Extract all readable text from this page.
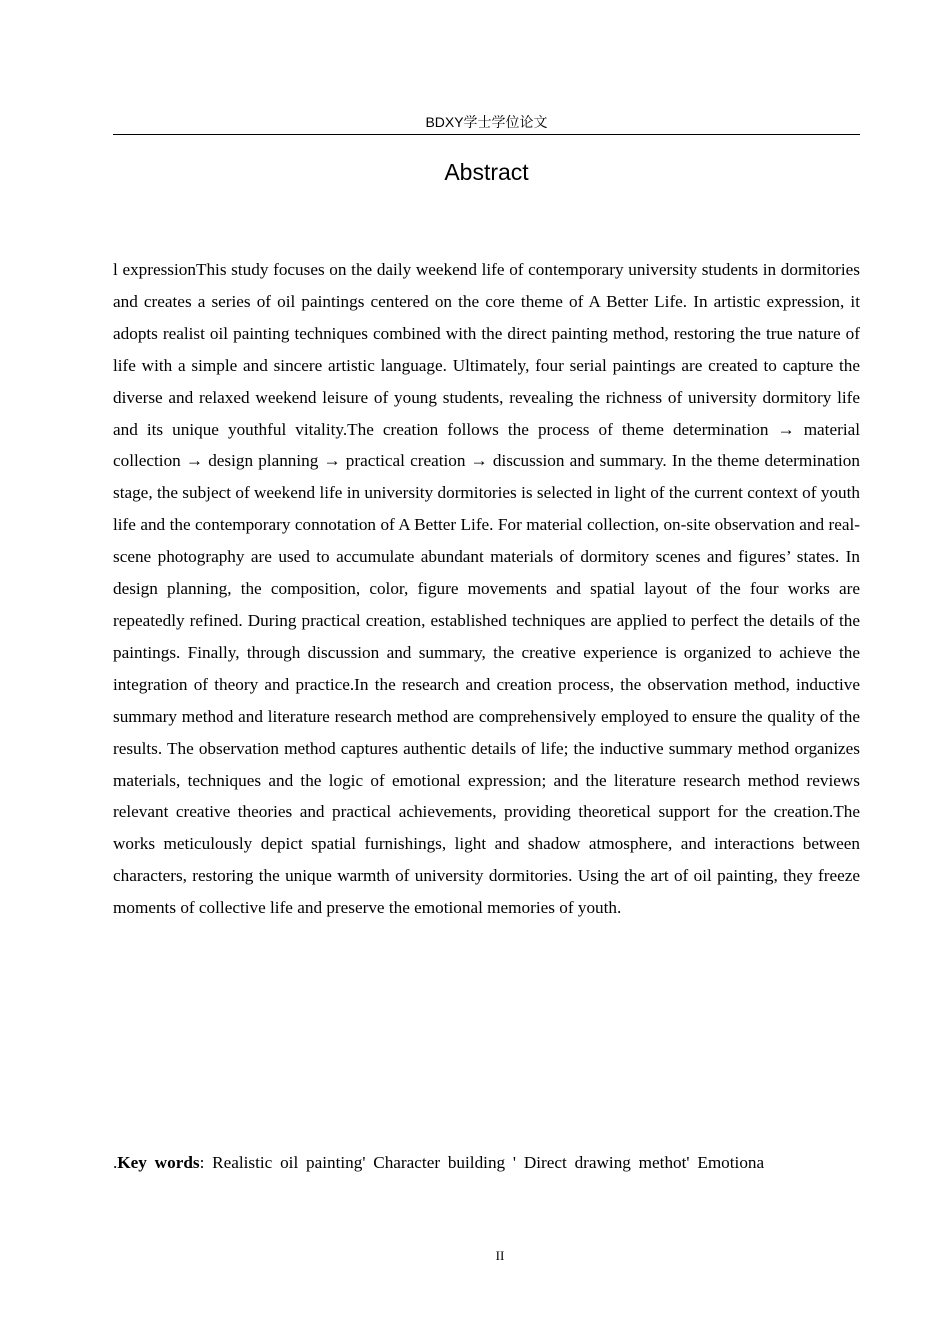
BDXY学士学位论文
Abstract
l expressionThis study focuses on the daily weekend life of contemporary university students in dormitories and creates a series of oil paintings centered on the core theme of A Better Life. In artistic expression, it adopts realist oil painting techniques combined with the direct painting method, restoring the true nature of life with a simple and sincere artistic language. Ultimately, four serial paintings are created to capture the diverse and relaxed weekend leisure of young students, revealing the richness of university dormitory life and its unique youthful vitality.The creation follows the process of theme determination → material collection → design planning → practical creation → discussion and summary. In the theme determination stage, the subject of weekend life in university dormitories is selected in light of the current context of youth life and the contemporary connotation of A Better Life. For material collection, on-site observation and real-scene photography are used to accumulate abundant materials of dormitory scenes and figures’ states. In design planning, the composition, color, figure movements and spatial layout of the four works are repeatedly refined. During practical creation, established techniques are applied to perfect the details of the paintings. Finally, through discussion and summary, the creative experience is organized to achieve the integration of theory and practice.In the research and creation process, the observation method, inductive summary method and literature research method are comprehensively employed to ensure the quality of the results. The observation method captures authentic details of life; the inductive summary method organizes materials, techniques and the logic of emotional expression; and the literature research method reviews relevant creative theories and practical achievements, providing theoretical support for the creation.The works meticulously depict spatial furnishings, light and shadow atmosphere, and interactions between characters, restoring the unique warmth of university dormitories. Using the art of oil painting, they freeze moments of collective life and preserve the emotional memories of youth.
.Key words: Realistic oil painting' Character building ' Direct drawing methot' Emotiona
II
